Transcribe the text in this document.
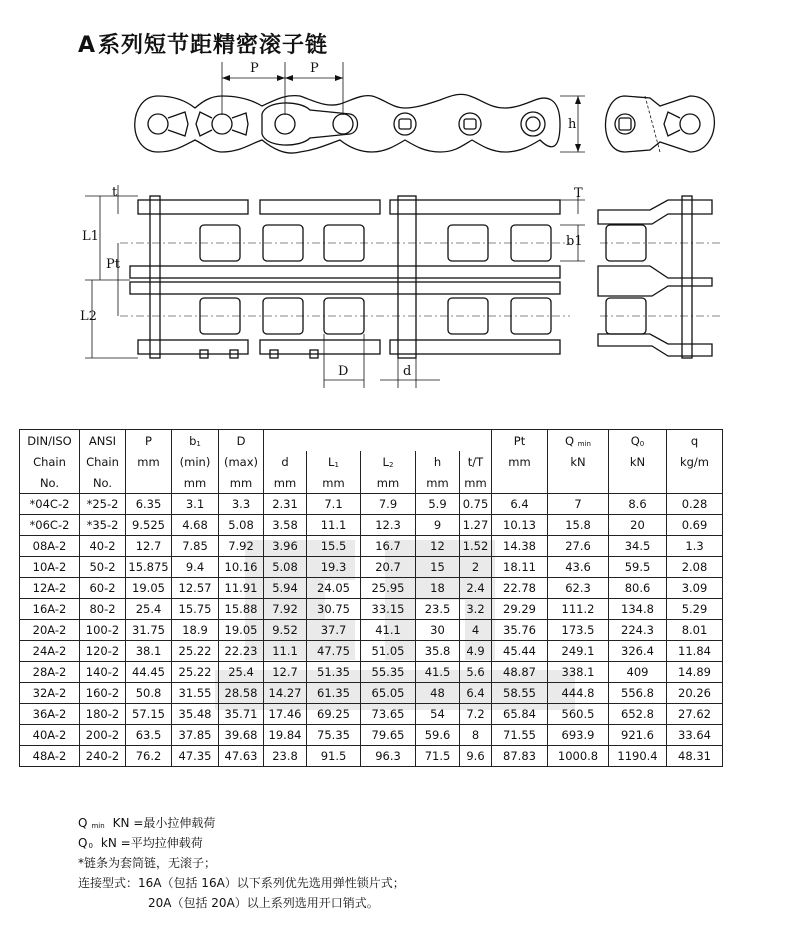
A系列短节距精密滚子链
P	P
h
t	T
L1
Pt
b1
L2
D	d
DIN/ISO	ANSI	P	b1	D						Pt	Q min	Q0	q
Chain	Chain	mm	(min)	(max)	d	L1	L2	h	t/T	mm	kN	kN	kg/m
No.	No.		mm	mm	mm	mm	mm	mm	mm				
*04C-2	*25-2	6.35	3.1	3.3	2.31	7.1	7.9	5.9	0.75	6.4	7	8.6	0.28
*06C-2	*35-2	9.525	4.68	5.08	3.58	11.1	12.3	9	1.27	10.13	15.8	20	0.69
08A-2	40-2	12.7	7.85	7.92	3.96	15.5	16.7	12	1.52	14.38	27.6	34.5	1.3
10A-2	50-2	15.875	9.4	10.16	5.08	19.3	20.7	15	2	18.11	43.6	59.5	2.08
12A-2	60-2	19.05	12.57	11.91	5.94	24.05	25.95	18	2.4	22.78	62.3	80.6	3.09
16A-2	80-2	25.4	15.75	15.88	7.92	30.75	33.15	23.5	3.2	29.29	111.2	134.8	5.29
20A-2	100-2	31.75	18.9	19.05	9.52	37.7	41.1	30	4	35.76	173.5	224.3	8.01
24A-2	120-2	38.1	25.22	22.23	11.1	47.75	51.05	35.8	4.9	45.44	249.1	326.4	11.84
28A-2	140-2	44.45	25.22	25.4	12.7	51.35	55.35	41.5	5.6	48.87	338.1	409	14.89
32A-2	160-2	50.8	31.55	28.58	14.27	61.35	65.05	48	6.4	58.55	444.8	556.8	20.26
36A-2	180-2	57.15	35.48	35.71	17.46	69.25	73.65	54	7.2	65.84	560.5	652.8	27.62
40A-2	200-2	63.5	37.85	39.68	19.84	75.35	79.65	59.6	8	71.55	693.9	921.6	33.64
48A-2	240-2	76.2	47.35	47.63	23.8	91.5	96.3	71.5	9.6	87.83	1000.8	1190.4	48.31
Qmin KN =最小拉伸载荷
Q0 kN =平均拉伸载荷
*链条为套筒链，无滚子；
连接型式：16A（包括 16A）以下系列优先选用弹性锁片式；
20A（包括 20A）以上系列选用开口销式。
